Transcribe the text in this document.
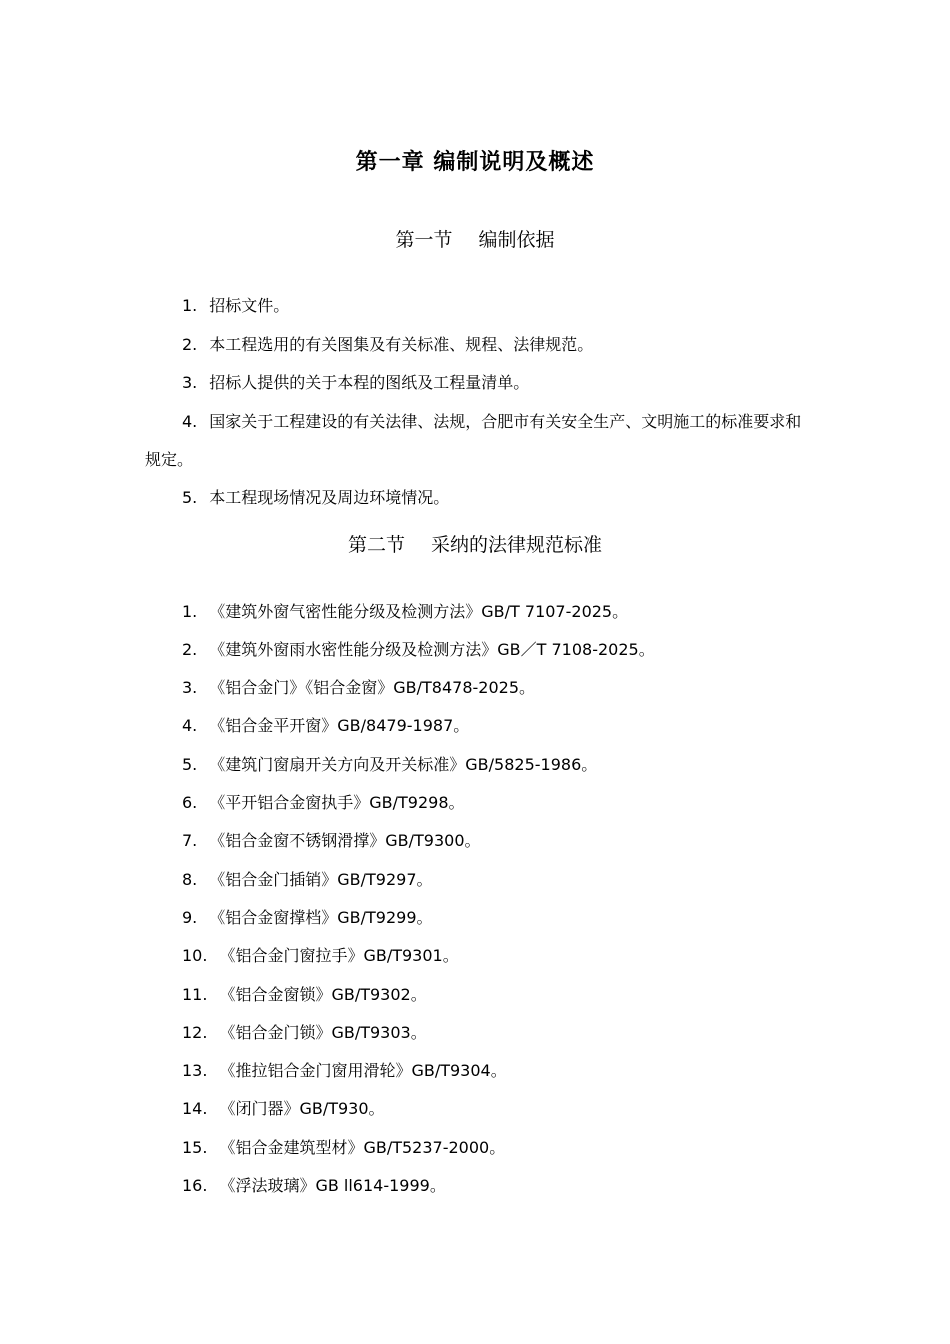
第一章 编制说明及概述
第一节 编制依据
1. 招标文件。
2. 本工程选用的有关图集及有关标准、规程、法律规范。
3. 招标人提供的关于本程的图纸及工程量清单。
4. 国家关于工程建设的有关法律、法规，合肥市有关安全生产、文明施工的标准要求和规定。
5. 本工程现场情况及周边环境情况。
第二节 采纳的法律规范标准
1. 《建筑外窗气密性能分级及检测方法》GB/T 7107-2025。
2. 《建筑外窗雨水密性能分级及检测方法》GB／T 7108-2025。
3. 《铝合金门》《铝合金窗》GB/T8478-2025。
4. 《铝合金平开窗》GB/8479-1987。
5. 《建筑门窗扇开关方向及开关标准》GB/5825-1986。
6. 《平开铝合金窗执手》GB/T9298。
7. 《铝合金窗不锈钢滑撑》GB/T9300。
8. 《铝合金门插销》GB/T9297。
9. 《铝合金窗撑档》GB/T9299。
10. 《铝合金门窗拉手》GB/T9301。
11. 《铝合金窗锁》GB/T9302。
12. 《铝合金门锁》GB/T9303。
13. 《推拉铝合金门窗用滑轮》GB/T9304。
14. 《闭门器》GB/T930。
15. 《铝合金建筑型材》GB/T5237-2000。
16. 《浮法玻璃》GB ll614-1999。
